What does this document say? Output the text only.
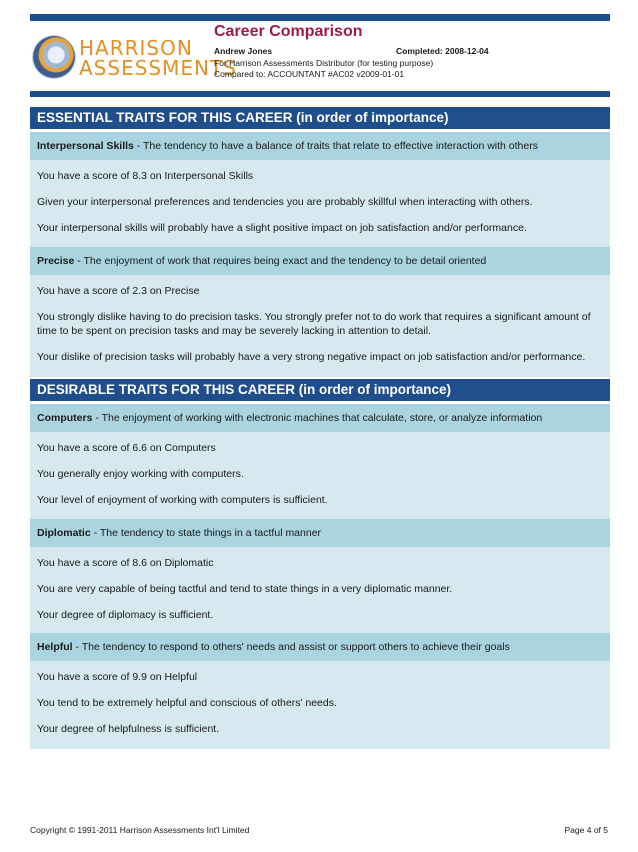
HARRISON
ASSESSMENTS
Career Comparison
Andrew Jones	Completed: 2008-12-04
For Harrison Assessments Distributor (for testing purpose)
Compared to: ACCOUNTANT #AC02 v2009-01-01
ESSENTIAL TRAITS FOR THIS CAREER (in order of importance)
Interpersonal Skills - The tendency to have a balance of traits that relate to effective interaction with others
You have a score of 8.3 on Interpersonal Skills
Given your interpersonal preferences and tendencies you are probably skillful when interacting with others.
Your interpersonal skills will probably have a slight positive impact on job satisfaction and/or performance.
Precise - The enjoyment of work that requires being exact and the tendency to be detail oriented
You have a score of 2.3 on Precise
You strongly dislike having to do precision tasks. You strongly prefer not to do work that requires a significant amount of time to be spent on precision tasks and may be severely lacking in attention to detail.
Your dislike of precision tasks will probably have a very strong negative impact on job satisfaction and/or performance.
DESIRABLE TRAITS FOR THIS CAREER (in order of importance)
Computers - The enjoyment of working with electronic machines that calculate, store, or analyze information
You have a score of 6.6 on Computers
You generally enjoy working with computers.
Your level of enjoyment of working with computers is sufficient.
Diplomatic - The tendency to state things in a tactful manner
You have a score of 8.6 on Diplomatic
You are very capable of being tactful and tend to state things in a very diplomatic manner.
Your degree of diplomacy is sufficient.
Helpful - The tendency to respond to others' needs and assist or support others to achieve their goals
You have a score of 9.9 on Helpful
You tend to be extremely helpful and conscious of others' needs.
Your degree of helpfulness is sufficient.
Copyright © 1991-2011 Harrison Assessments Int'l Limited	Page 4 of 5
